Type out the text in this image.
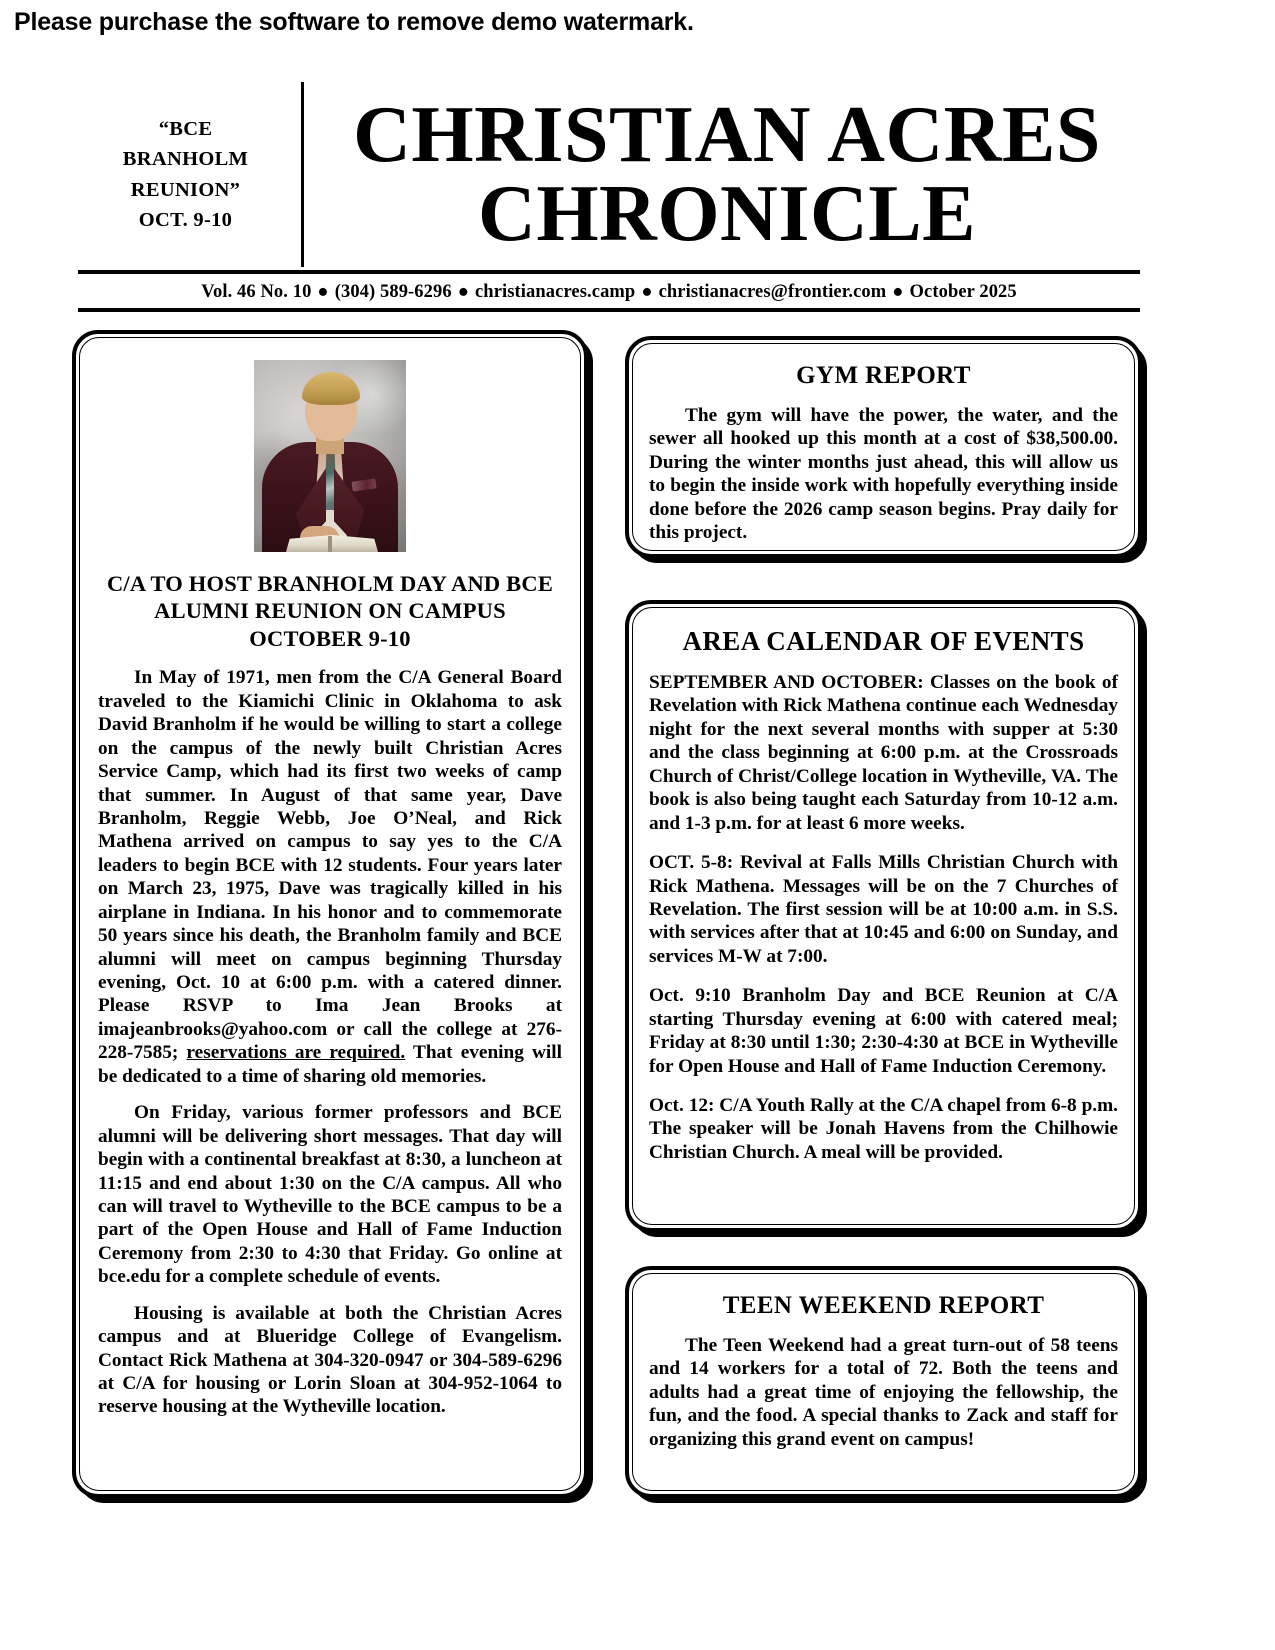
Please purchase the software to remove demo watermark.
“BCE
BRANHOLM
REUNION”
OCT. 9-10
CHRISTIAN ACRES
CHRONICLE
Vol. 46 No. 10 ● (304) 589-6296 ● christianacres.camp ● christianacres@frontier.com ● October 2025
C/A TO HOST BRANHOLM DAY AND BCE ALUMNI REUNION ON CAMPUS OCTOBER 9-10

In May of 1971, men from the C/A General Board traveled to the Kiamichi Clinic in Oklahoma to ask David Branholm if he would be willing to start a college on the campus of the newly built Christian Acres Service Camp, which had its first two weeks of camp that summer. In August of that same year, Dave Branholm, Reggie Webb, Joe O’Neal, and Rick Mathena arrived on campus to say yes to the C/A leaders to begin BCE with 12 students. Four years later on March 23, 1975, Dave was tragically killed in his airplane in Indiana. In his honor and to commemorate 50 years since his death, the Branholm family and BCE alumni will meet on campus beginning Thursday evening, Oct. 10 at 6:00 p.m. with a catered dinner. Please RSVP to Ima Jean Brooks at imajeanbrooks@yahoo.com or call the college at 276-228-7585; reservations are required. That evening will be dedicated to a time of sharing old memories.

On Friday, various former professors and BCE alumni will be delivering short messages. That day will begin with a continental breakfast at 8:30, a luncheon at 11:15 and end about 1:30 on the C/A campus. All who can will travel to Wytheville to the BCE campus to be a part of the Open House and Hall of Fame Induction Ceremony from 2:30 to 4:30 that Friday. Go online at bce.edu for a complete schedule of events.

Housing is available at both the Christian Acres campus and at Blueridge College of Evangelism. Contact Rick Mathena at 304-320-0947 or 304-589-6296 at C/A for housing or Lorin Sloan at 304-952-1064 to reserve housing at the Wytheville location.

GYM REPORT

The gym will have the power, the water, and the sewer all hooked up this month at a cost of $38,500.00. During the winter months just ahead, this will allow us to begin the inside work with hopefully everything inside done before the 2026 camp season begins. Pray daily for this project.

AREA CALENDAR OF EVENTS

SEPTEMBER AND OCTOBER: Classes on the book of Revelation with Rick Mathena continue each Wednesday night for the next several months with supper at 5:30 and the class beginning at 6:00 p.m. at the Crossroads Church of Christ/College location in Wytheville, VA. The book is also being taught each Saturday from 10-12 a.m. and 1-3 p.m. for at least 6 more weeks.

OCT. 5-8: Revival at Falls Mills Christian Church with Rick Mathena. Messages will be on the 7 Churches of Revelation. The first session will be at 10:00 a.m. in S.S. with services after that at 10:45 and 6:00 on Sunday, and services M-W at 7:00.

Oct. 9:10 Branholm Day and BCE Reunion at C/A starting Thursday evening at 6:00 with catered meal; Friday at 8:30 until 1:30; 2:30-4:30 at BCE in Wytheville for Open House and Hall of Fame Induction Ceremony.

Oct. 12: C/A Youth Rally at the C/A chapel from 6-8 p.m. The speaker will be Jonah Havens from the Chilhowie Christian Church. A meal will be provided.

TEEN WEEKEND REPORT

The Teen Weekend had a great turn-out of 58 teens and 14 workers for a total of 72. Both the teens and adults had a great time of enjoying the fellowship, the fun, and the food. A special thanks to Zack and staff for organizing this grand event on campus!
